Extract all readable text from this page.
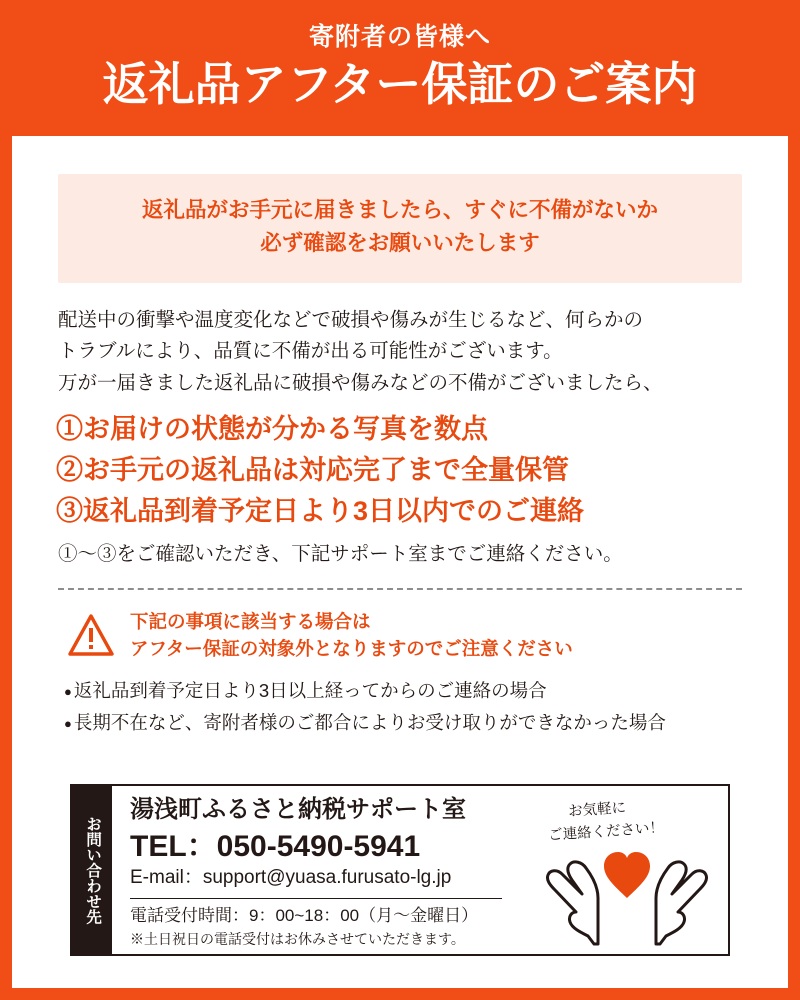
寄附者の皆様へ
返礼品アフター保証のご案内
返礼品がお手元に届きましたら、すぐに不備がないか
必ず確認をお願いいたします

配送中の衝撃や温度変化などで破損や傷みが生じるなど、何らかの

トラブルにより、品質に不備が出る可能性がございます。

万が一届きました返礼品に破損や傷みなどの不備がございましたら、

①お届けの状態が分かる写真を数点
②お手元の返礼品は対応完了まで全量保管
③返礼品到着予定日より3日以内でのご連絡
①～③をご確認いただき、下記サポート室までご連絡ください。
下記の事項に該当する場合は
アフター保証の対象外となりますのでご注意ください
● 返礼品到着予定日より3日以上経ってからのご連絡の場合
● 長期不在など、寄附者様のご都合によりお受け取りができなかった場合
お問い合わせ先
湯浅町ふるさと納税サポート室
TEL：050-5490-5941
E-mail：support@yuasa.furusato-lg.jp
電話受付時間：9：00~18：00（月～金曜日）
※土日祝日の電話受付はお休みさせていただきます。
お気軽に
ご連絡ください！
